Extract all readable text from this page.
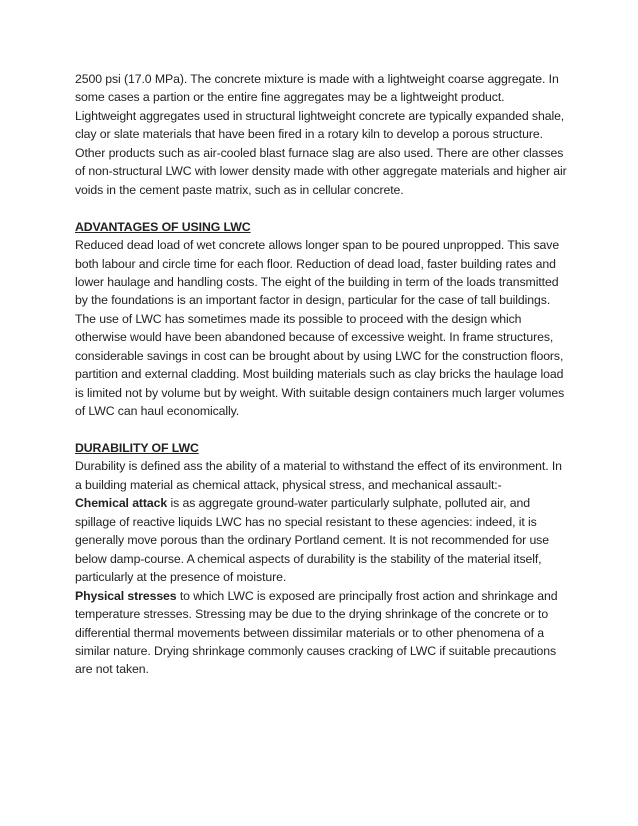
2500 psi (17.0 MPa). The concrete mixture is made with a lightweight coarse aggregate. In some cases a partion or the entire fine aggregates may be a lightweight product. Lightweight aggregates used in structural lightweight concrete are typically expanded shale, clay or slate materials that have been fired in a rotary kiln to develop a porous structure. Other products such as air-cooled blast furnace slag are also used. There are other classes of non-structural LWC with lower density made with other aggregate materials and higher air voids in the cement paste matrix, such as in cellular concrete.

ADVANTAGES OF USING LWC

Reduced dead load of wet concrete allows longer span to be poured unpropped. This save both labour and circle time for each floor. Reduction of dead load, faster building rates and lower haulage and handling costs. The eight of the building in term of the loads transmitted by the foundations is an important factor in design, particular for the case of tall buildings. The use of LWC has sometimes made its possible to proceed with the design which otherwise would have been abandoned because of excessive weight. In frame structures, considerable savings in cost can be brought about by using LWC for the construction floors, partition and external cladding. Most building materials such as clay bricks the haulage load is limited not by volume but by weight. With suitable design containers much larger volumes of LWC can haul economically.

DURABILITY OF LWC

Durability is defined ass the ability of a material to withstand the effect of its environment. In a building material as chemical attack, physical stress, and mechanical assault:-

Chemical attack is as aggregate ground-water particularly sulphate, polluted air, and spillage of reactive liquids LWC has no special resistant to these agencies: indeed, it is generally move porous than the ordinary Portland cement. It is not recommended for use below damp-course. A chemical aspects of durability is the stability of the material itself, particularly at the presence of moisture.

Physical stresses to which LWC is exposed are principally frost action and shrinkage and temperature stresses. Stressing may be due to the drying shrinkage of the concrete or to differential thermal movements between dissimilar materials or to other phenomena of a similar nature. Drying shrinkage commonly causes cracking of LWC if suitable precautions are not taken.
